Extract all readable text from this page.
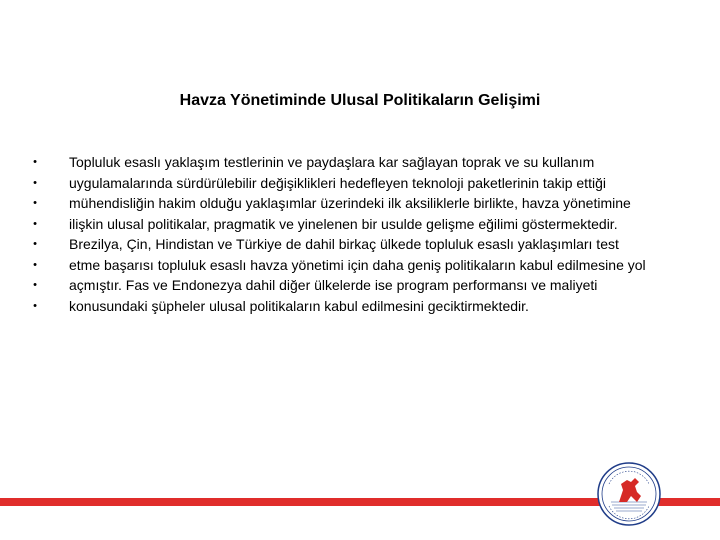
Havza Yönetiminde Ulusal Politikaların Gelişimi
• Topluluk esaslı yaklaşım testlerinin ve paydaşlara kar sağlayan toprak ve su kullanım
• uygulamalarında sürdürülebilir değişiklikleri hedefleyen teknoloji paketlerinin takip ettiği
• mühendisliğin hakim olduğu yaklaşımlar üzerindeki ilk aksiliklerle birlikte, havza yönetimine
• ilişkin ulusal politikalar, pragmatik ve yinelenen bir usulde gelişme eğilimi göstermektedir.
• Brezilya, Çin, Hindistan ve Türkiye de dahil birkaç ülkede topluluk esaslı yaklaşımları test
• etme başarısı topluluk esaslı havza yönetimi için daha geniş politikaların kabul edilmesine yol
• açmıştır. Fas ve Endonezya dahil diğer ülkelerde ise program performansı ve maliyeti
• konusundaki şüpheler ulusal politikaların kabul edilmesini geciktirmektedir.
